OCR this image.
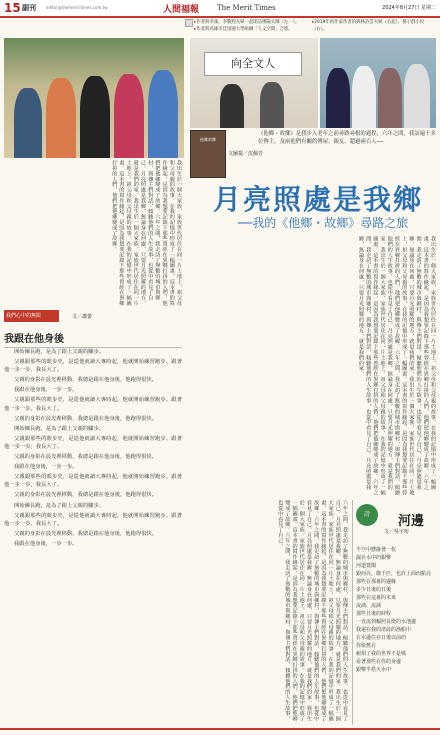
15 副刊	editor@themerit-times.com.tw	人間福報	The Merit Times	2024年8月27日 星期二
▸作者與李康、李數煦夫婦一起開訪漢陽太陳（左一）。
▸作者與高雄市佳里國大學組織「人文空間」合影。
▸2019年初作家作者的與林詩雲夫婦（右起）、孫子群小民（右）。
我出生於一個大家族，家族世代居住在同一片土地上，祖父母和父母親的故事，在我的記憶中形成了一幅圖畫。這本書的寫作緣起，是因為我想要記錄下那些曾經在異鄉打拼的人們，他們把他鄉變成了故鄉。六年之間，我走訪了無數的城市與鄉村，與傳主們對話，傾聽他們的人生故事，也從中看見了自己。月亮照處是我鄉，無論身在何處，只要月光照耀的地方，就是我們的家。我出生於一個大家族，家族世代居住在同一片土地上，祖父母和父母親的故事，在我的記憶中形成了一幅圖畫。這本書的寫作緣起，是因為我想要記錄下那些曾經在異鄉打拼的人們，他們把他鄉變成了故鄉。
我們心中的無限	文／蕭蕾
我跟在他身後

開始練長跑，是為了跟上父親的腳步。

父親跟那些的眼步史，是從他就讀大專時起，他就開始練習跑步。跟著他一步一步，我長大了。

父親的身影在晨光裡移動，我總是跟在他身後，他跑得很快。

我跟在他身後，一步一步。

父親跟那些的眼步史，是從他就讀大專時起，他就開始練習跑步。跟著他一步一步，我長大了。

父親的身影在晨光裡移動，我總是跟在他身後，他跑得很快。

開始練長跑，是為了跟上父親的腳步。

父親跟那些的眼步史，是從他就讀大專時起，他就開始練習跑步。跟著他一步一步，我長大了。

父親的身影在晨光裡移動，我總是跟在他身後，他跑得很快。

我跟在他身後，一步一步。

父親跟那些的眼步史，是從他就讀大專時起，他就開始練習跑步。跟著他一步一步，我長大了。

父親的身影在晨光裡移動，我總是跟在他身後，他跑得很快。

開始練長跑，是為了跟上父親的腳步。

父親跟那些的眼步史，是從他就讀大專時起，他就開始練習跑步。跟著他一步一步，我長大了。

父親的身影在晨光裡移動，我總是跟在他身後，他跑得很快。

我跟在他身後，一步一步。

向全文人
他鄉故鄉
文圖提／沈佩芳
《他鄉・故鄉》是我步入老年之前尋路尋根的過程，六年之間，我訪遍千多位傳主，及兩他們有關的傳屋、親友、超過兩百人──
月亮照處是我鄉
──我的《他鄉・故鄉》尋路之旅
我出生於一個大家族，家族世代居住在同一片土地上，祖父母和父母親的故事，在我的記憶中形成了一幅圖畫。這本書的寫作緣起，是因為我想要記錄下那些曾經在異鄉打拼的人們，他們把他鄉變成了故鄉。六年之間，我走訪了無數的城市與鄉村，與傳主們對話，傾聽他們的人生故事，也從中看見了自己。月亮照處是我鄉，無論身在何處，只要月光照耀的地方，就是我們的家。我出生於一個大家族，家族世代居住在同一片土地上，祖父母和父母親的故事，在我的記憶中形成了一幅圖畫。這本書的寫作緣起，是因為我想要記錄下那些曾經在異鄉打拼的人們，他們把他鄉變成了故鄉。六年之間，我走訪了無數的城市與鄉村，與傳主們對話，傾聽他們的人生故事，也從中看見了自己。月亮照處是我鄉，無論身在何處，只要月光照耀的地方，就是我們的家。我出生於一個大家族，家族世代居住在同一片土地上，祖父母和父母親的故事，在我的記憶中形成了一幅圖畫。這本書的寫作緣起，是因為我想要記錄下那些曾經在異鄉打拼的人們，他們把他鄉變成了故鄉。六年之間，我走訪了無數的城市與鄉村，與傳主們對話，傾聽他們的人生故事，也從中看見了自己。月亮照處是我鄉，無論身在何處，只要月光照耀的地方，就是我們的家。
六年之間，我走訪了無數的城市與鄉村，與傳主們對話，傾聽他們的人生故事，也從中看見了自己。月亮照處是我鄉，無論身在何處，只要月光照耀的地方，就是我們的家。我出生於一個大家族，家族世代居住在同一片土地上，祖父母和父母親的故事，在我的記憶中形成了一幅圖畫。這本書的寫作緣起，是因為我想要記錄下那些曾經在異鄉打拼的人們，他們把他鄉變成了故鄉。六年之間，我走訪了無數的城市與鄉村，與傳主們對話，傾聽他們的人生故事，也從中看見了自己。月亮照處是我鄉，無論身在何處，只要月光照耀的地方，就是我們的家。我出生於一個大家族，家族世代居住在同一片土地上，祖父母和父母親的故事，在我的記憶中形成了一幅圖畫。這本書的寫作緣起，是因為我想要記錄下那些曾經在異鄉打拼的人們，他們把他鄉變成了故鄉。六年之間，我走訪了無數的城市與鄉村，與傳主們對話，傾聽他們的人生故事，也從中看見了自己。	詩	河邊
文／吳宇珩
半空中懸掛著一枚
濕在水中的銀幣
河道寬闊
銀而亮，微千匹，也許上面而點亮
那些在那裏的邊緣
多少日後的日後
那些在這裏的未來
流淌、流淌
那些日後的時程
一直流到輻照長燈的水池邊
我還在我的清晨的漁船中
在水邊住在日後以前的
你依舊在
耐煩了我的世界不是嗎
看著那些在你的身邊
銀幣半搭天水中
